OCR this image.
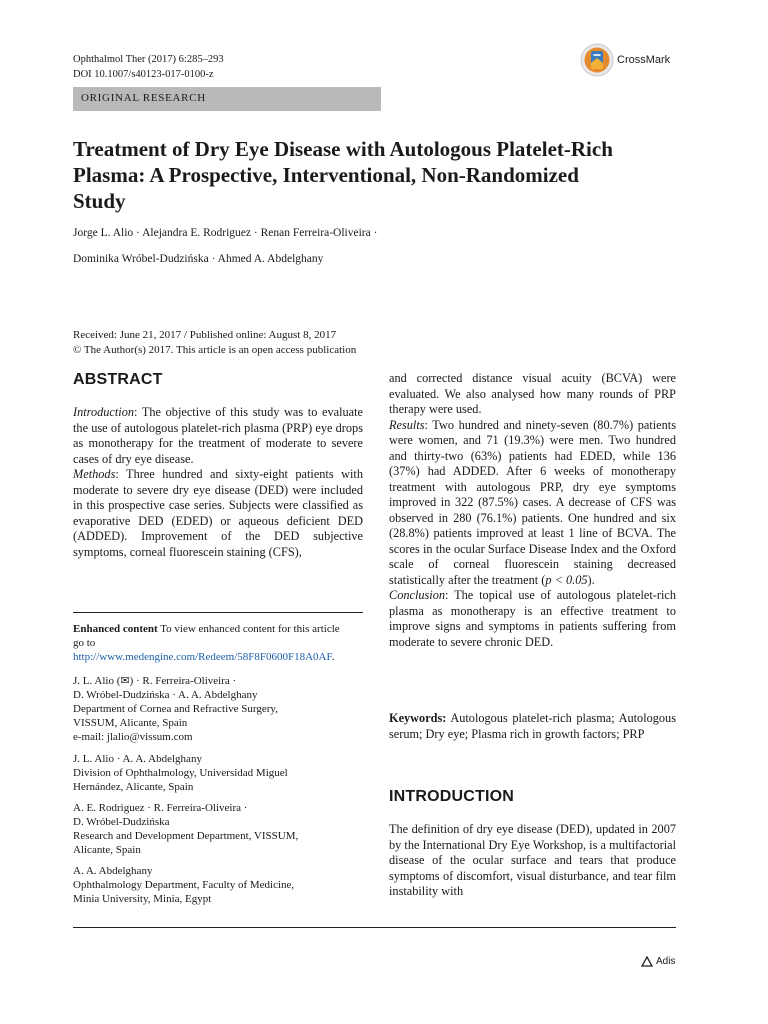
Ophthalmol Ther (2017) 6:285–293
DOI 10.1007/s40123-017-0100-z
CrossMark
ORIGINAL RESEARCH
Treatment of Dry Eye Disease with Autologous Platelet-Rich Plasma: A Prospective, Interventional, Non-Randomized Study
Jorge L. Alio · Alejandra E. Rodriguez · Renan Ferreira-Oliveira ·
Dominika Wróbel-Dudzińska · Ahmed A. Abdelghany
Received: June 21, 2017 / Published online: August 8, 2017
© The Author(s) 2017. This article is an open access publication
ABSTRACT

Introduction: The objective of this study was to evaluate the use of autologous platelet-rich plasma (PRP) eye drops as monotherapy for the treatment of moderate to severe cases of dry eye disease.

Methods: Three hundred and sixty-eight patients with moderate to severe dry eye disease (DED) were included in this prospective case series. Subjects were classified as evaporative DED (EDED) or aqueous deficient DED (ADDED). Improvement of the DED subjective symptoms, corneal fluorescein staining (CFS),

Enhanced content To view enhanced content for this article go to http://www.medengine.com/Redeem/58F8F0600F18A0AF.
J. L. Alio (✉) · R. Ferreira-Oliveira ·
D. Wróbel-Dudzińska · A. A. Abdelghany
Department of Cornea and Refractive Surgery,
VISSUM, Alicante, Spain
e-mail: jlalio@vissum.com
J. L. Alio · A. A. Abdelghany
Division of Ophthalmology, Universidad Miguel
Hernández, Alicante, Spain
A. E. Rodriguez · R. Ferreira-Oliveira ·
D. Wróbel-Dudzińska
Research and Development Department, VISSUM,
Alicante, Spain
A. A. Abdelghany
Ophthalmology Department, Faculty of Medicine,
Minia University, Minia, Egypt

and corrected distance visual acuity (BCVA) were evaluated. We also analysed how many rounds of PRP therapy were used.

Results: Two hundred and ninety-seven (80.7%) patients were women, and 71 (19.3%) were men. Two hundred and thirty-two (63%) patients had EDED, while 136 (37%) had ADDED. After 6 weeks of monotherapy treatment with autologous PRP, dry eye symptoms improved in 322 (87.5%) cases. A decrease of CFS was observed in 280 (76.1%) patients. One hundred and six (28.8%) patients improved at least 1 line of BCVA. The scores in the ocular Surface Disease Index and the Oxford scale of corneal fluorescein staining decreased statistically after the treatment (p < 0.05).

Conclusion: The topical use of autologous platelet-rich plasma as monotherapy is an effective treatment to improve signs and symptoms in patients suffering from moderate to severe chronic DED.

Keywords: Autologous platelet-rich plasma; Autologous serum; Dry eye; Plasma rich in growth factors; PRP

INTRODUCTION

The definition of dry eye disease (DED), updated in 2007 by the International Dry Eye Workshop, is a multifactorial disease of the ocular surface and tears that produce symptoms of discomfort, visual disturbance, and tear film instability with

Adis
